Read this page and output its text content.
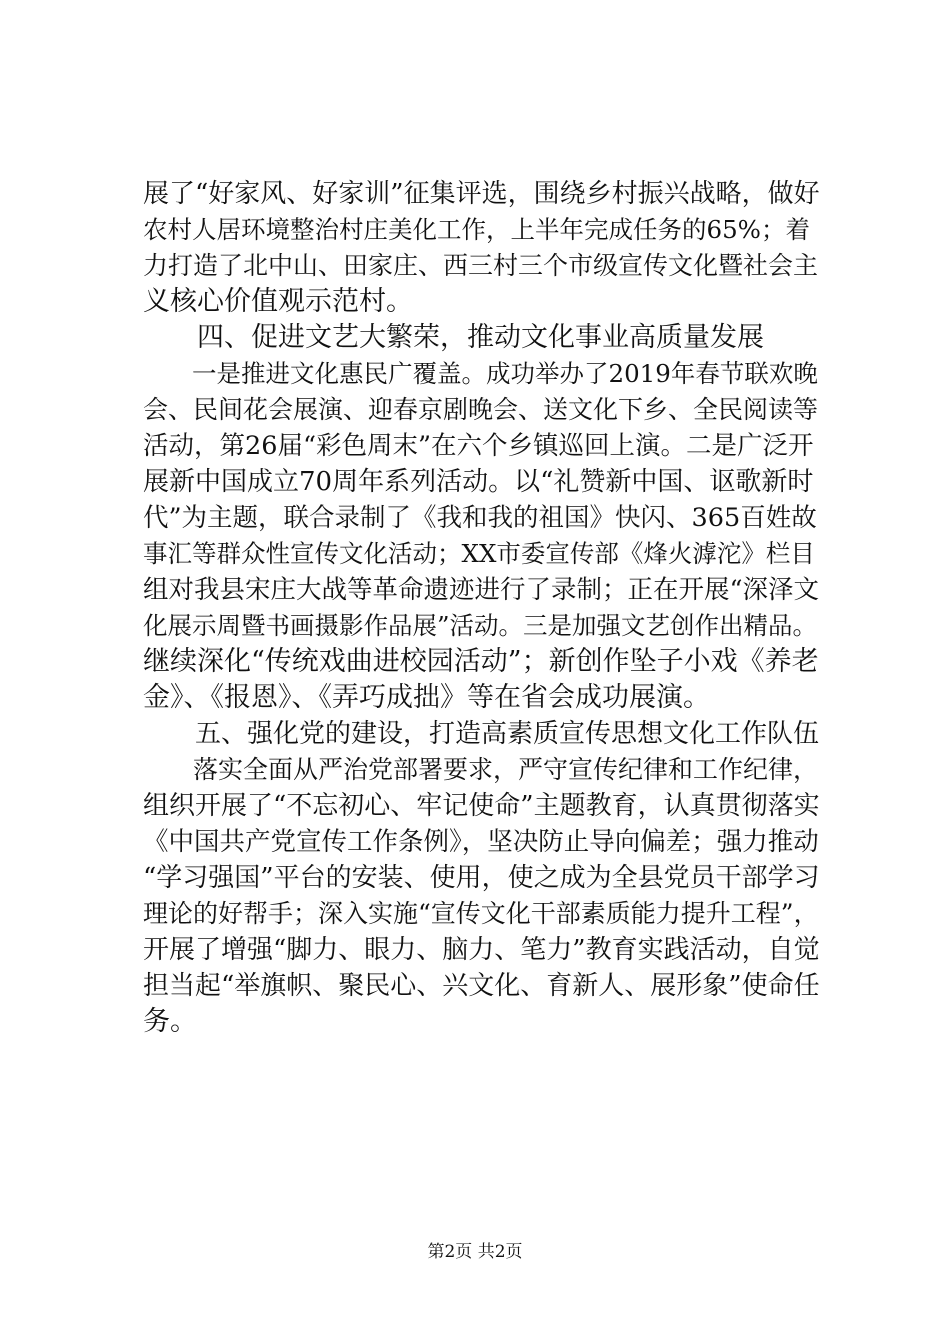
展了“好家风、好家训”征集评选，围绕乡村振兴战略，做好
农村人居环境整治村庄美化工作，上半年完成任务的65%；着
力打造了北中山、田家庄、西三村三个市级宣传文化暨社会主
义核心价值观示范村。
　　四、促进文艺大繁荣，推动文化事业高质量发展
　　一是推进文化惠民广覆盖。成功举办了2019年春节联欢晚
会、民间花会展演、迎春京剧晚会、送文化下乡、全民阅读等
活动，第26届“彩色周末”在六个乡镇巡回上演。二是广泛开
展新中国成立70周年系列活动。以“礼赞新中国、讴歌新时
代”为主题，联合录制了《我和我的祖国》快闪、365百姓故
事汇等群众性宣传文化活动；XX市委宣传部《烽火滹沱》栏目
组对我县宋庄大战等革命遗迹进行了录制；正在开展“深泽文
化展示周暨书画摄影作品展”活动。三是加强文艺创作出精品。
继续深化“传统戏曲进校园活动”；新创作坠子小戏《养老
金》、《报恩》、《弄巧成拙》等在省会成功展演。
　　五、强化党的建设，打造高素质宣传思想文化工作队伍
　　落实全面从严治党部署要求，严守宣传纪律和工作纪律，
组织开展了“不忘初心、牢记使命”主题教育，认真贯彻落实
《中国共产党宣传工作条例》，坚决防止导向偏差；强力推动
“学习强国”平台的安装、使用，使之成为全县党员干部学习
理论的好帮手；深入实施“宣传文化干部素质能力提升工程”，
开展了增强“脚力、眼力、脑力、笔力”教育实践活动，自觉
担当起“举旗帜、聚民心、兴文化、育新人、展形象”使命任
务。
第2页 共2页
